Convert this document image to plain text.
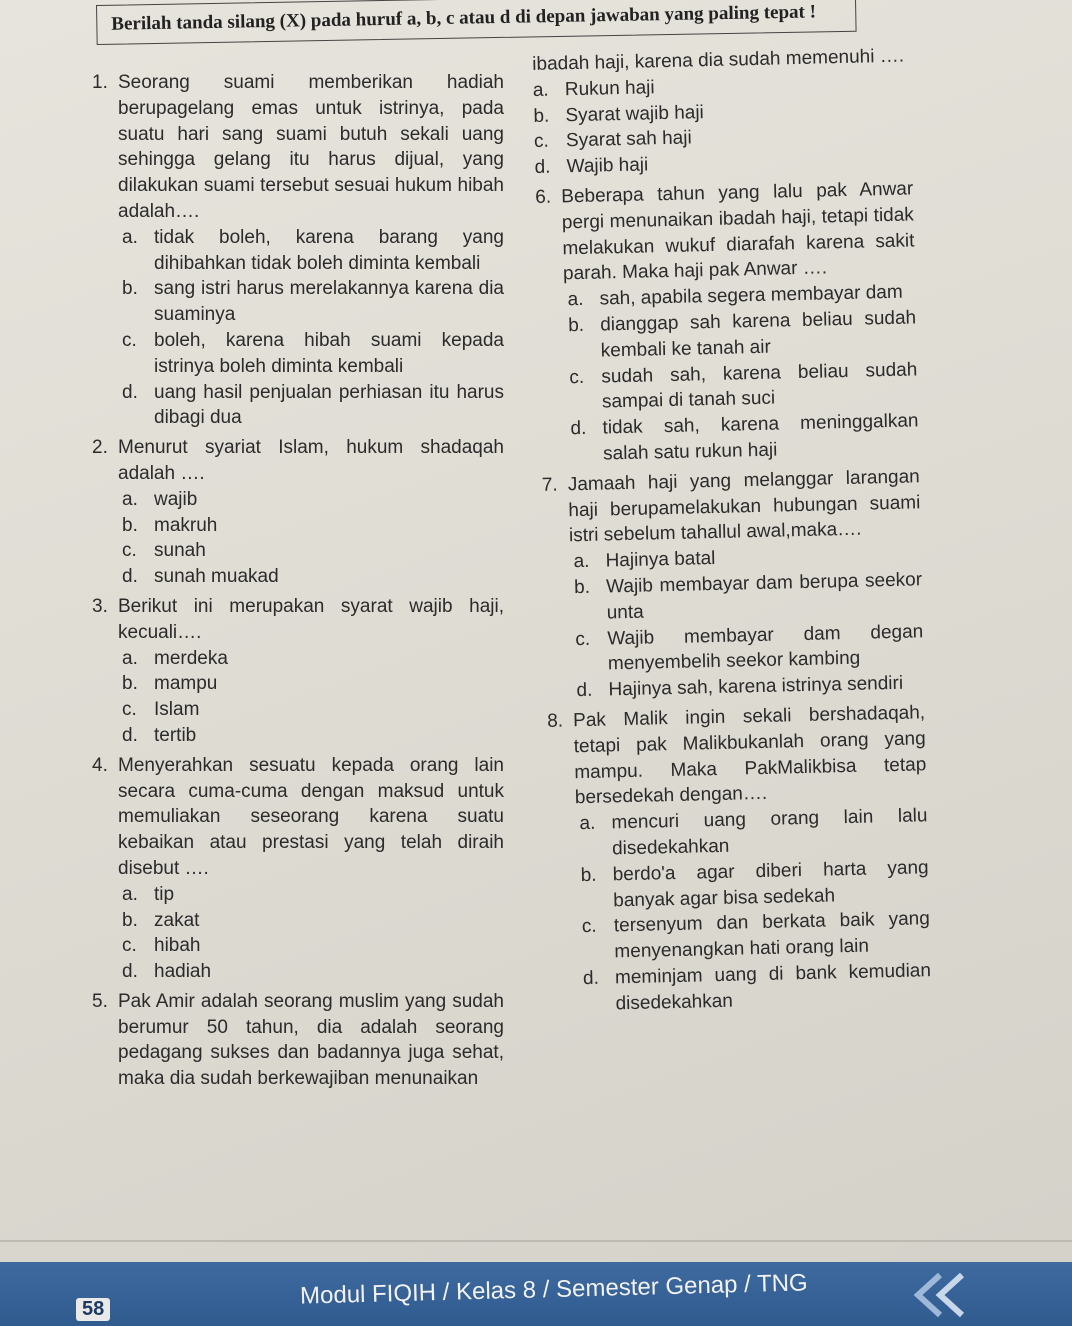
Berilah tanda silang (X) pada huruf a, b, c atau d di depan jawaban yang paling tepat !
1. Seorang suami memberikan hadiah berupagelang emas untuk istrinya, pada suatu hari sang suami butuh sekali uang sehingga gelang itu harus dijual, yang dilakukan suami tersebut sesuai hukum hibah adalah….
a. tidak boleh, karena barang yang dihibahkan tidak boleh diminta kembali
b. sang istri harus merelakannya karena dia suaminya
c. boleh, karena hibah suami kepada istrinya boleh diminta kembali
d. uang hasil penjualan perhiasan itu harus dibagi dua
2. Menurut syariat Islam, hukum shadaqah adalah ….
a. wajib
b. makruh
c. sunah
d. sunah muakad
3. Berikut ini merupakan syarat wajib haji, kecuali….
a. merdeka
b. mampu
c. Islam
d. tertib
4. Menyerahkan sesuatu kepada orang lain secara cuma-cuma dengan maksud untuk memuliakan seseorang karena suatu kebaikan atau prestasi yang telah diraih disebut ….
a. tip
b. zakat
c. hibah
d. hadiah
5. Pak Amir adalah seorang muslim yang sudah berumur 50 tahun, dia adalah seorang pedagang sukses dan badannya juga sehat, maka dia sudah berkewajiban menunaikan
ibadah haji, karena dia sudah memenuhi ….
a. Rukun haji
b. Syarat wajib haji
c. Syarat sah haji
d. Wajib haji
6. Beberapa tahun yang lalu pak Anwar pergi menunaikan ibadah haji, tetapi tidak melakukan wukuf diarafah karena sakit parah. Maka haji pak Anwar ….
a. sah, apabila segera membayar dam
b. dianggap sah karena beliau sudah kembali ke tanah air
c. sudah sah, karena beliau sudah sampai di tanah suci
d. tidak sah, karena meninggalkan salah satu rukun haji
7. Jamaah haji yang melanggar larangan haji berupamelakukan hubungan suami istri sebelum tahallul awal,maka….
a. Hajinya batal
b. Wajib membayar dam berupa seekor unta
c. Wajib membayar dam degan menyembelih seekor kambing
d. Hajinya sah, karena istrinya sendiri
8. Pak Malik ingin sekali bershadaqah, tetapi pak Malikbukanlah orang yang mampu. Maka PakMalikbisa tetap bersedekah dengan….
a. mencuri uang orang lain lalu disedekahkan
b. berdo'a agar diberi harta yang banyak agar bisa sedekah
c. tersenyum dan berkata baik yang menyenangkan hati orang lain
d. meminjam uang di bank kemudian disedekahkan
58	Modul FIQIH / Kelas 8 / Semester Genap / TNG
